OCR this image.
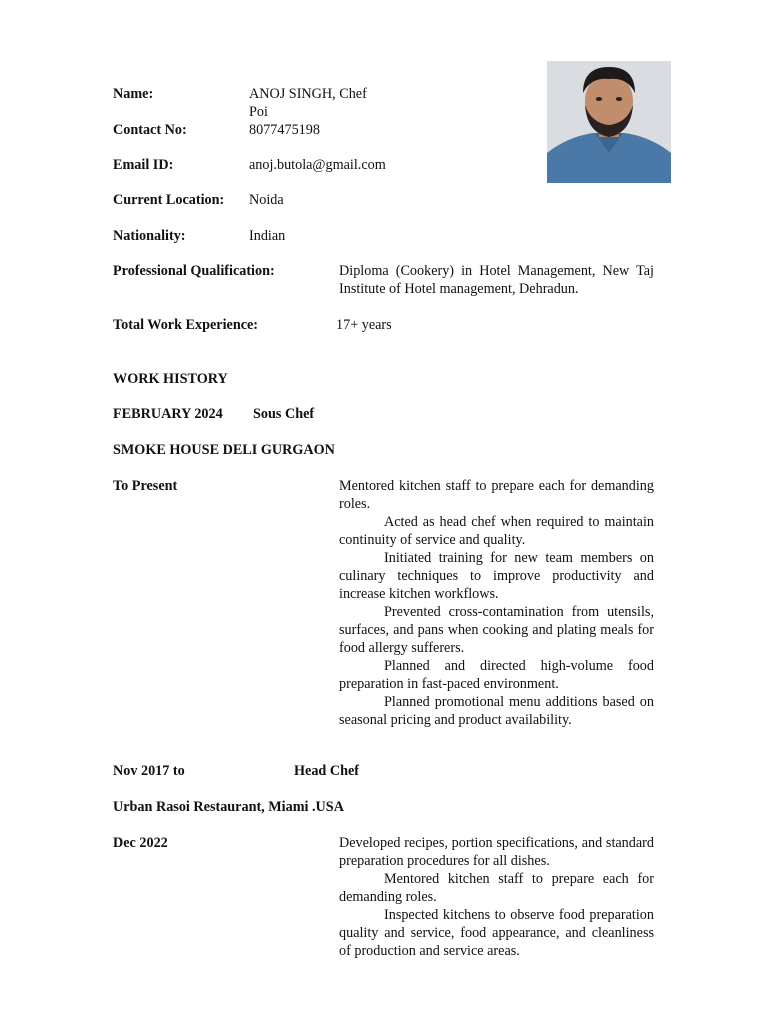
Name:	ANOJ SINGH, Chef Poi
Contact No:	8077475198
Email ID:	anoj.butola@gmail.com
Current Location: Noida
Nationality:	Indian
Professional Qualification:	Diploma (Cookery) in Hotel Management, New Taj Institute of Hotel management, Dehradun.
Total Work Experience:	17+ years
WORK HISTORY
FEBRUARY 2024 Sous Chef
SMOKE HOUSE DELI GURGAON
To Present	Mentored kitchen staff to prepare each for demanding roles.

Acted as head chef when required to maintain continuity of service and quality.

Initiated training for new team members on culinary techniques to improve productivity and increase kitchen workflows.

Prevented cross-contamination from utensils, surfaces, and pans when cooking and plating meals for food allergy sufferers.

Planned and directed high-volume food preparation in fast-paced environment.

Planned promotional menu additions based on seasonal pricing and product availability.

Nov 2017 to	Head Chef
Urban Rasoi Restaurant, Miami .USA
Dec 2022	Developed recipes, portion specifications, and standard preparation procedures for all dishes.

Mentored kitchen staff to prepare each for demanding roles.

Inspected kitchens to observe food preparation quality and service, food appearance, and cleanliness of production and service areas.
